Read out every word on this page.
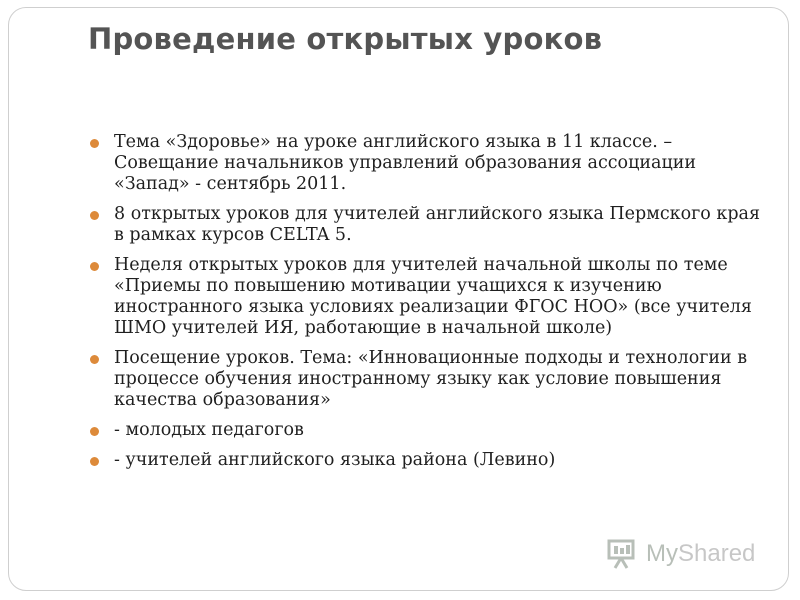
Проведение открытых уроков
Тема «Здоровье» на уроке английского языка в 11 классе. – Совещание начальников управлений образования ассоциации «Запад» - сентябрь 2011.
8 открытых уроков для учителей английского языка Пермского края в рамках курсов CELTA 5.
Неделя открытых уроков для учителей начальной школы по теме «Приемы по повышению мотивации учащихся к изучению иностранного языка условиях реализации ФГОС НОО» (все учителя ШМО учителей ИЯ, работающие в начальной школе)
Посещение уроков. Тема: «Инновационные подходы и технологии в процессе обучения иностранному языку как условие повышения качества образования»
- молодых педагогов
- учителей английского языка района (Левино)
MyShared
